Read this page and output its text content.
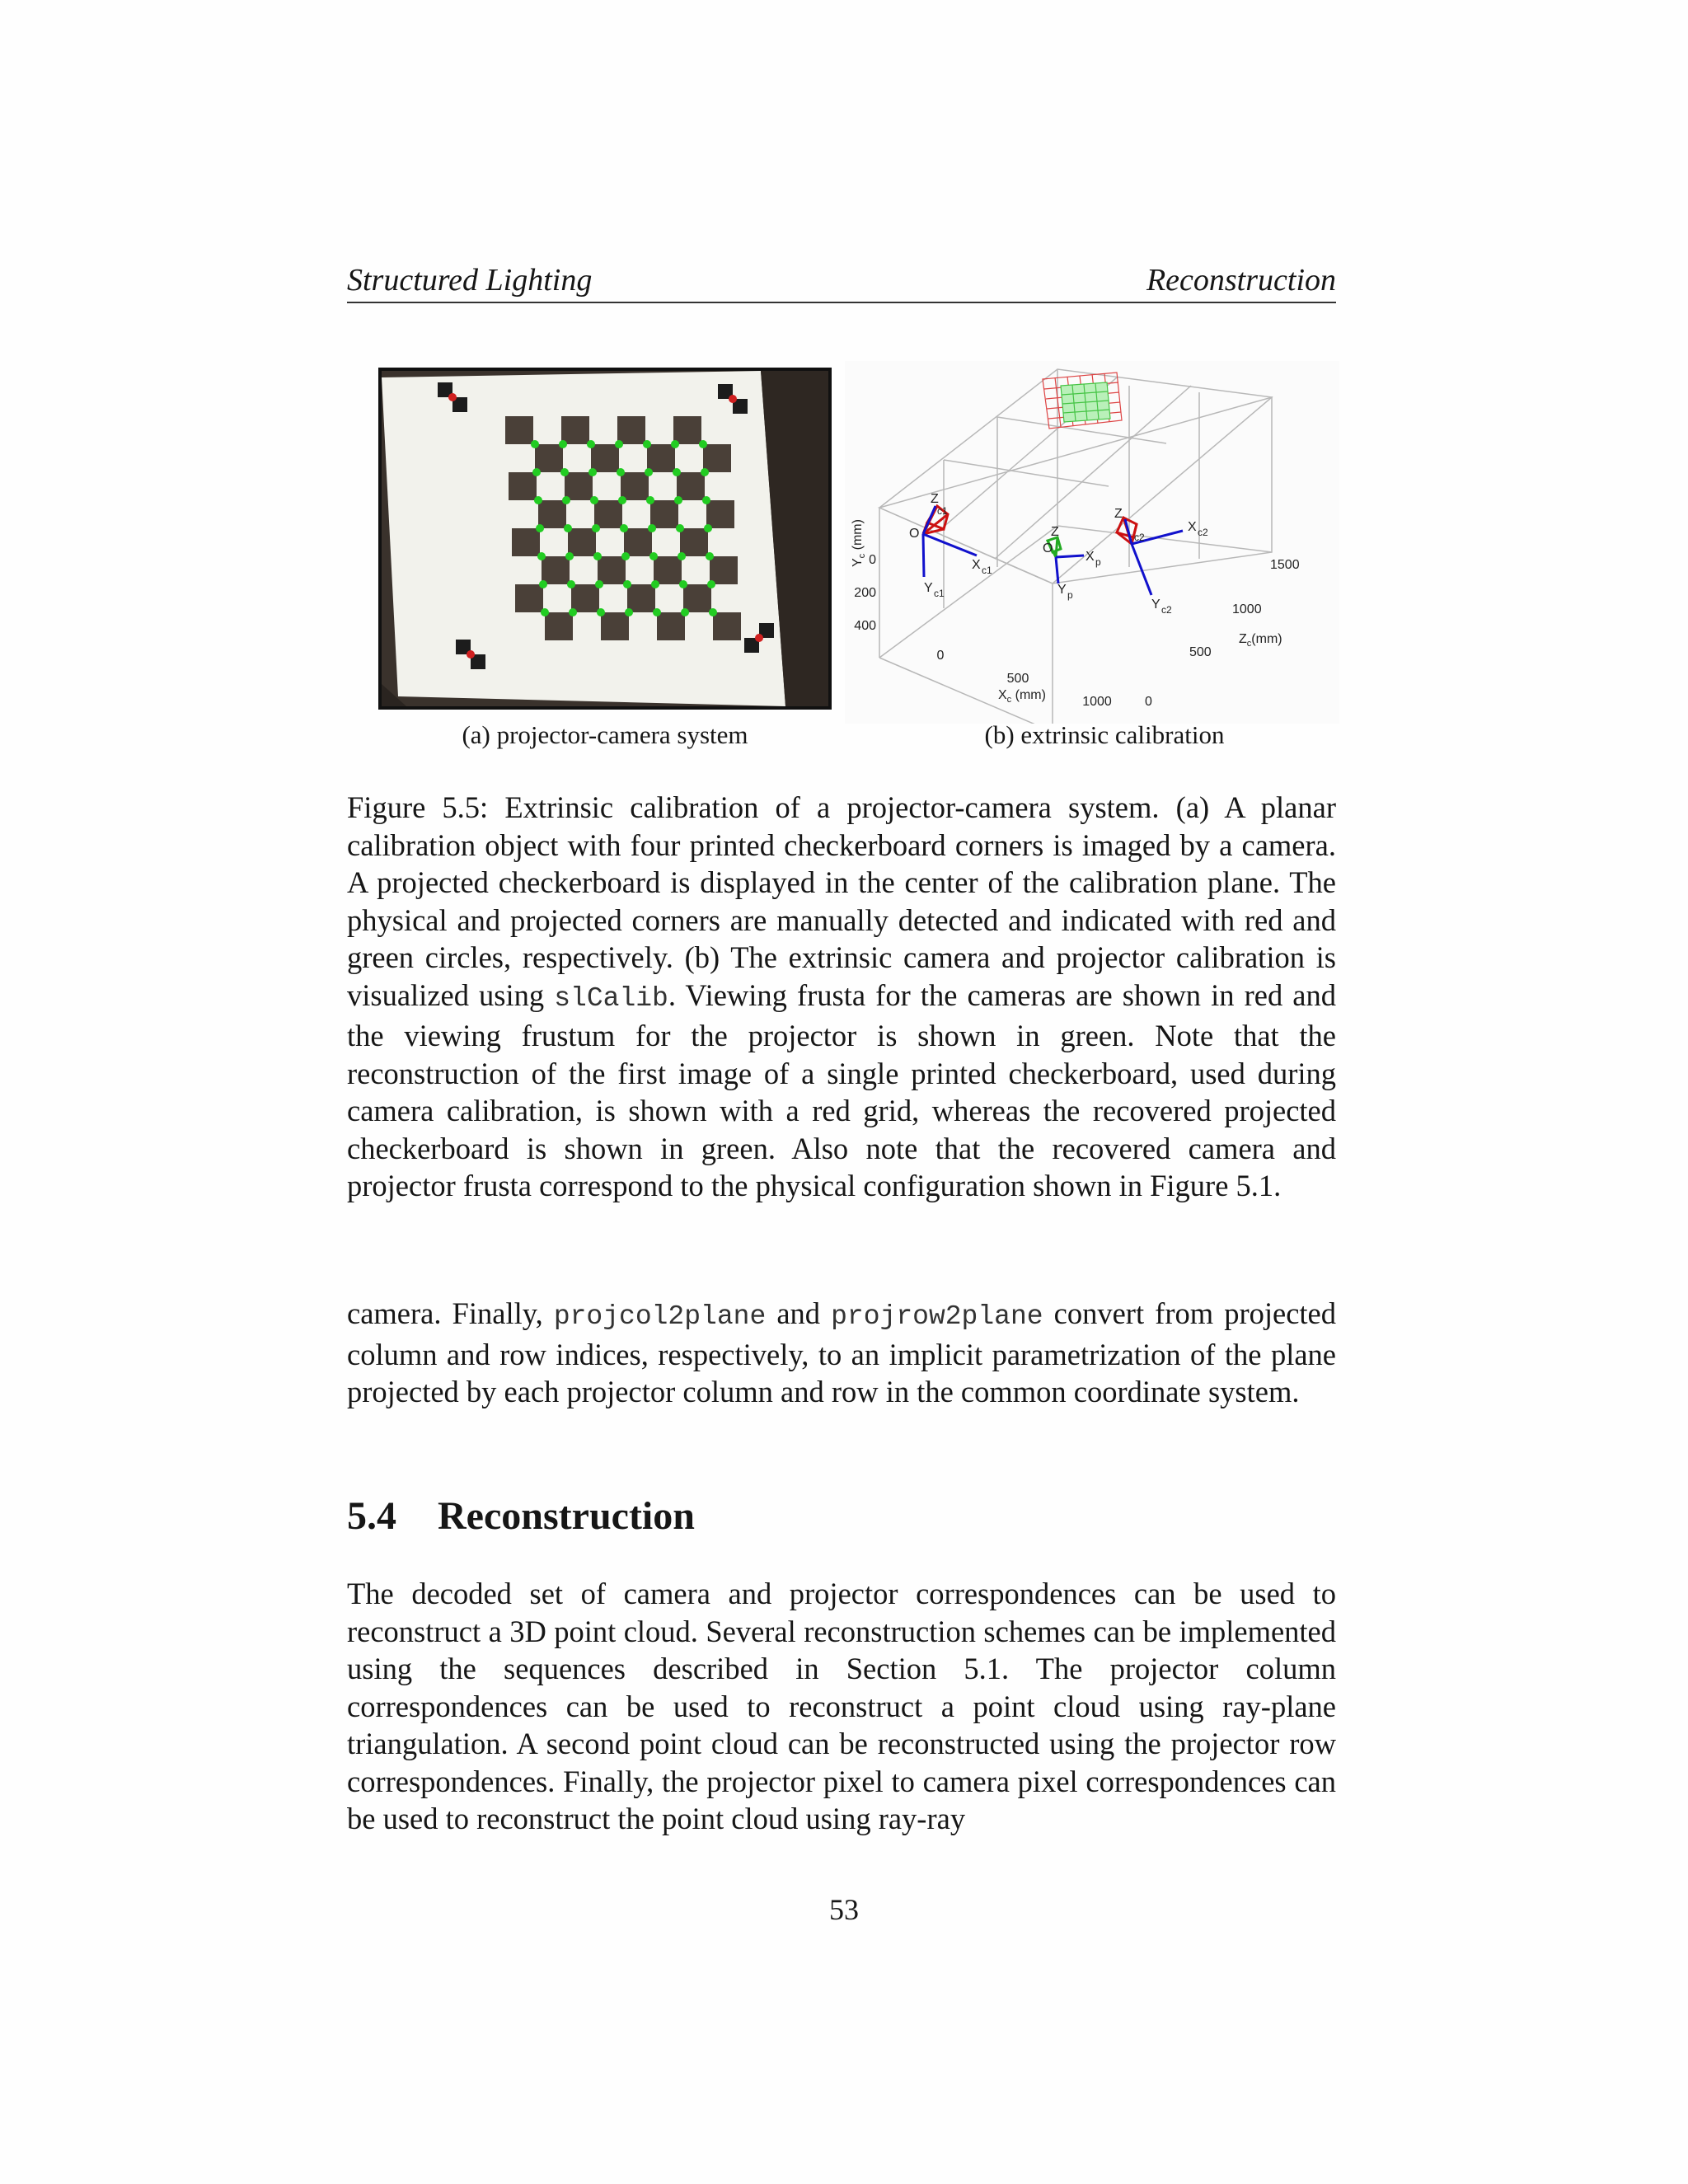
Structured Lighting	Reconstruction
Z
c1
O
X c1
Y c1
Z
O
X p
Y p
Z
c2
X c2
Y c2
$Y_c$ (mm)
0
200
400
0
500
1000
$X_c$ (mm)	0
500
1000
1500
$Z_c(mm)$
(a) projector-camera system	(b) extrinsic calibration
Figure 5.5: Extrinsic calibration of a projector-camera system. (a) A planar calibration object with four printed checkerboard corners is imaged by a camera. A projected checkerboard is displayed in the center of the calibration plane. The physical and projected corners are manually detected and indicated with red and green circles, respectively. (b) The extrinsic camera and projector calibration is visualized using slCalib. Viewing frusta for the cameras are shown in red and the viewing frustum for the projector is shown in green. Note that the reconstruction of the first image of a single printed checkerboard, used during camera calibration, is shown with a red grid, whereas the recovered projected checkerboard is shown in green. Also note that the recovered camera and projector frusta correspond to the physical configuration shown in Figure 5.1.
camera. Finally, projcol2plane and projrow2plane convert from projected column and row indices, respectively, to an implicit parametrization of the plane projected by each projector column and row in the common coordinate system.
5.4 Reconstruction
The decoded set of camera and projector correspondences can be used to reconstruct a 3D point cloud. Several reconstruction schemes can be implemented using the sequences described in Section 5.1. The projector column correspondences can be used to reconstruct a point cloud using ray-plane triangulation. A second point cloud can be reconstructed using the projector row correspondences. Finally, the projector pixel to camera pixel correspondences can be used to reconstruct the point cloud using ray-ray
53
